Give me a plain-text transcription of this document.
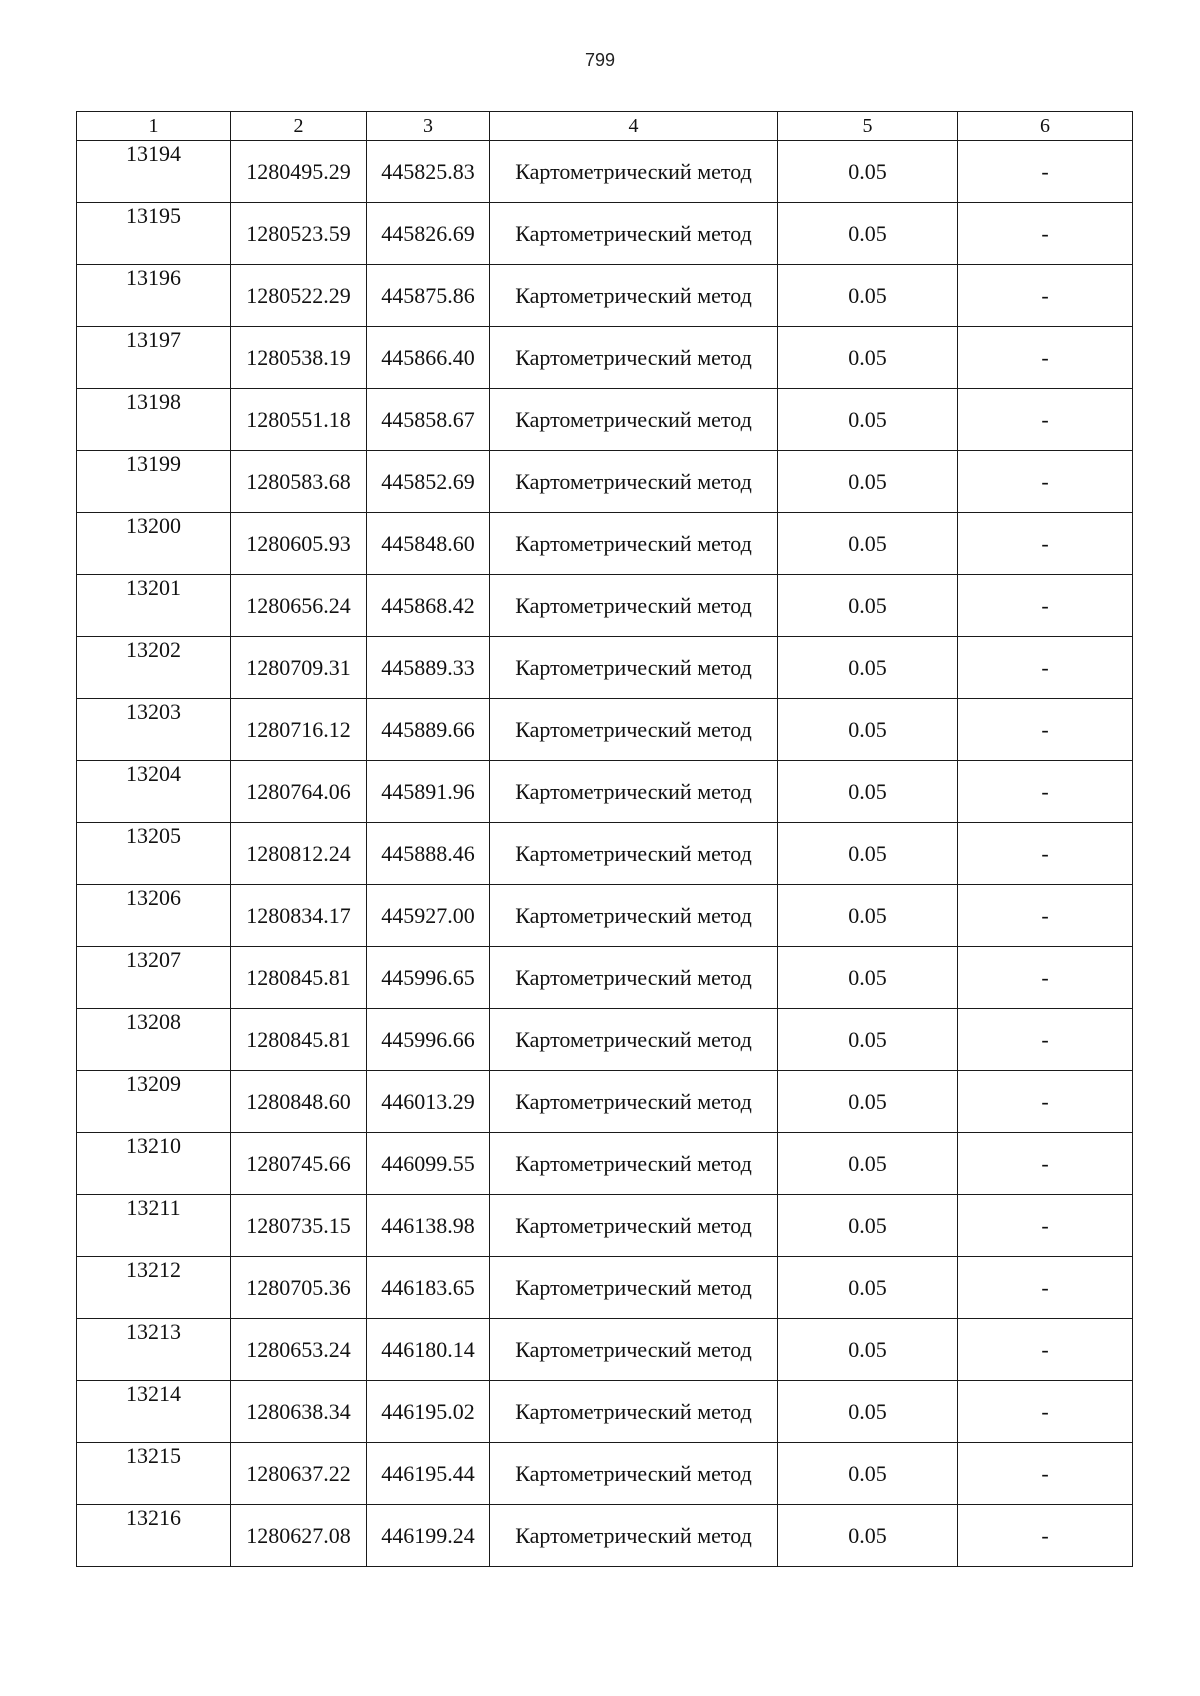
799
1	2	3	4	5	6
13194	1280495.29	445825.83	Картометрический метод	0.05	-
13195	1280523.59	445826.69	Картометрический метод	0.05	-
13196	1280522.29	445875.86	Картометрический метод	0.05	-
13197	1280538.19	445866.40	Картометрический метод	0.05	-
13198	1280551.18	445858.67	Картометрический метод	0.05	-
13199	1280583.68	445852.69	Картометрический метод	0.05	-
13200	1280605.93	445848.60	Картометрический метод	0.05	-
13201	1280656.24	445868.42	Картометрический метод	0.05	-
13202	1280709.31	445889.33	Картометрический метод	0.05	-
13203	1280716.12	445889.66	Картометрический метод	0.05	-
13204	1280764.06	445891.96	Картометрический метод	0.05	-
13205	1280812.24	445888.46	Картометрический метод	0.05	-
13206	1280834.17	445927.00	Картометрический метод	0.05	-
13207	1280845.81	445996.65	Картометрический метод	0.05	-
13208	1280845.81	445996.66	Картометрический метод	0.05	-
13209	1280848.60	446013.29	Картометрический метод	0.05	-
13210	1280745.66	446099.55	Картометрический метод	0.05	-
13211	1280735.15	446138.98	Картометрический метод	0.05	-
13212	1280705.36	446183.65	Картометрический метод	0.05	-
13213	1280653.24	446180.14	Картометрический метод	0.05	-
13214	1280638.34	446195.02	Картометрический метод	0.05	-
13215	1280637.22	446195.44	Картометрический метод	0.05	-
13216	1280627.08	446199.24	Картометрический метод	0.05	-
